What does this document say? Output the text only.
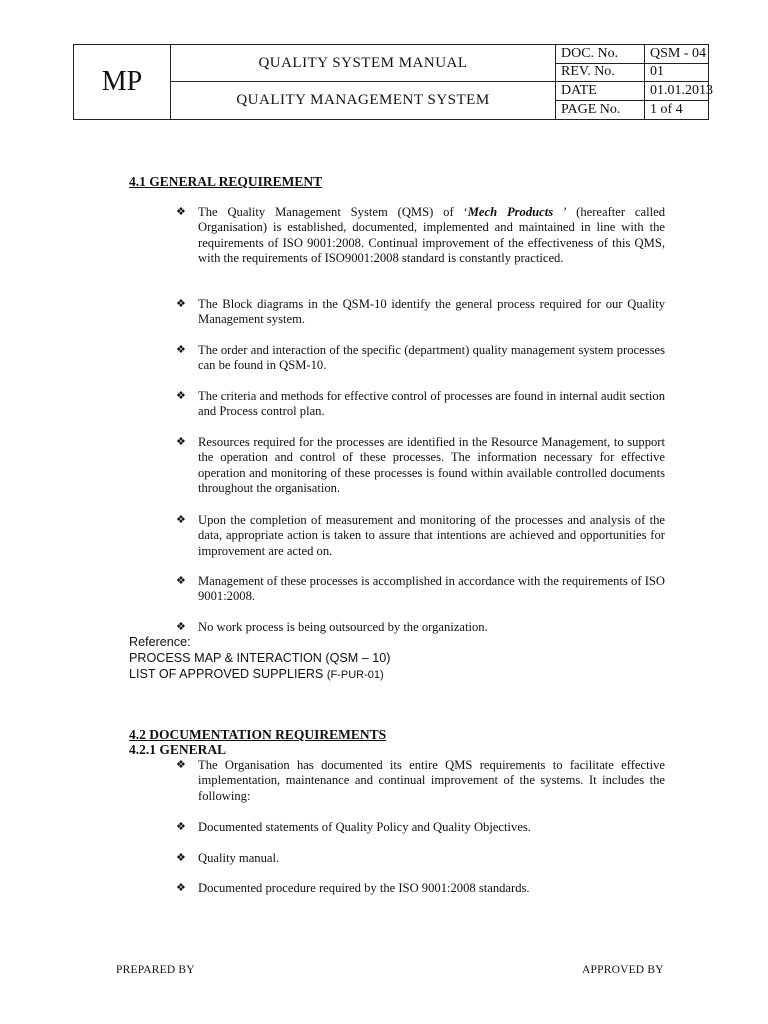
MP
QUALITY SYSTEM MANUAL
QUALITY MANAGEMENT SYSTEM
DOC. No.	QSM - 04
REV. No.	01
DATE	01.01.2013
PAGE No.	1 of 4
4.1 GENERAL REQUIREMENT
❖ The Quality Management System (QMS) of ‘Mech Products ’ (hereafter called Organisation) is established, documented, implemented and maintained in line with the requirements of ISO 9001:2008. Continual improvement of the effectiveness of this QMS, with the requirements of ISO9001:2008 standard is constantly practiced.
❖ The Block diagrams in the QSM-10 identify the general process required for our Quality Management system.
❖ The order and interaction of the specific (department) quality management system processes can be found in QSM-10.
❖ The criteria and methods for effective control of processes are found in internal audit section and Process control plan.
❖ Resources required for the processes are identified in the Resource Management, to support the operation and control of these processes. The information necessary for effective operation and monitoring of these processes is found within available controlled documents throughout the organisation.
❖ Upon the completion of measurement and monitoring of the processes and analysis of the data, appropriate action is taken to assure that intentions are achieved and opportunities for improvement are acted on.
❖ Management of these processes is accomplished in accordance with the requirements of ISO 9001:2008.
❖ No work process is being outsourced by the organization.
Reference:
PROCESS MAP & INTERACTION (QSM – 10)
LIST OF APPROVED SUPPLIERS (F-PUR-01)
4.2 DOCUMENTATION REQUIREMENTS
4.2.1 GENERAL
❖ The Organisation has documented its entire QMS requirements to facilitate effective implementation, maintenance and continual improvement of the systems. It includes the following:
❖ Documented statements of Quality Policy and Quality Objectives.
❖ Quality manual.
❖ Documented procedure required by the ISO 9001:2008 standards.
PREPARED BY	APPROVED BY
